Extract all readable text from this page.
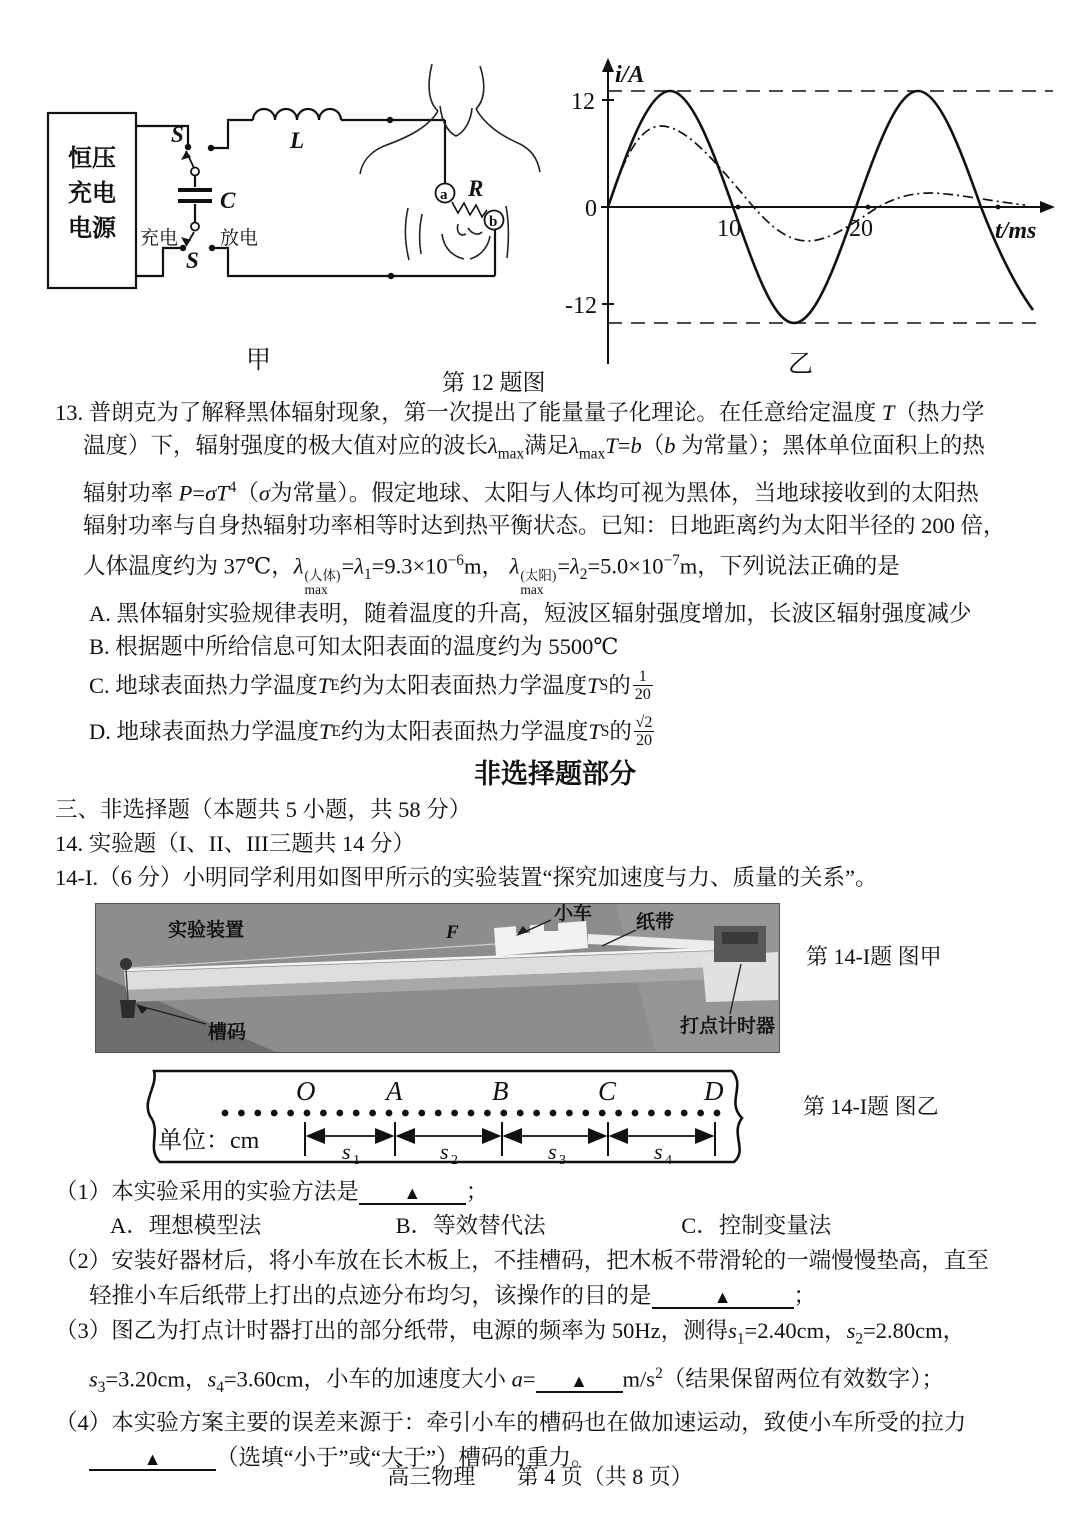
S
S
C
L
R
a
b
充电 放电
恒压
充电
电源
i/A
t/ms
12
0
-12
10	20
甲
第 12 题图
乙
13. 普朗克为了解释黑体辐射现象，第一次提出了能量量子化理论。在任意给定温度 T（热力学
温度）下，辐射强度的极大值对应的波长$\lambda_{max}$满足$\lambda_{max}T=b(b$ 为常量）；黑体单位面积上的热
辐射功率 $P=\sigma T^4(\sigma$为常量）。假定地球、太阳与人体均可视为黑体，当地球接收到的太阳热
辐射功率与自身热辐射功率相等时达到热平衡状态。已知：日地距离约为太阳半径的 200 倍，
人体温度约为 37℃，λ (人体)
max
$=\lambda_1=9.3\times 10^{-6}m$， λ (太阳)
max
$=\lambda_2=5.0\times 10^{-7}m$，下列说法正确的是
A. 黑体辐射实验规律表明，随着温度的升高，短波区辐射强度增加，长波区辐射强度减少
B. 根据题中所给信息可知太阳表面的温度约为 5500℃
C. 地球表面热力学温度 T E 约为太阳表面热力学温度 T S 的 $\frac{1}{20}$
D. 地球表面热力学温度 T E 约为太阳表面热力学温度 T S 的 $\frac{√2}{20}$
非选择题部分
三、非选择题（本题共 5 小题，共 58 分）
14. 实验题（I、II、III三题共 14 分）
14-I.（6 分）小明同学利用如图甲所示的实验装置“探究加速度与力、质量的关系”。
实验装置	F
小车 纸带
打点计时器
槽码
O	A	B	C	D
s	s	s	s
1	2	3	4
单位：cm
（1）本实验采用的实验方法是 ▲ ；
A．理想模型法	B．等效替代法	C．控制变量法
（2）安装好器材后，将小车放在长木板上，不挂槽码，把木板不带滑轮的一端慢慢垫高，直至
轻推小车后纸带上打出的点迹分布均匀，该操作的目的是	▲	；
（3）图乙为打点计时器打出的部分纸带，电源的频率为 50Hz，测得$s_1=2.40cm$，$s_2=2.80cm$，
$s_3=3.20cm$，$s_4=3.60cm$，小车的加速度大小 a= ▲ $m/s^2$（结果保留两位有效数字）；
（4）本实验方案主要的误差来源于：牵引小车的槽码也在做加速运动，致使小车所受的拉力
▲ （选填“小于”或“大于”）槽码的重力。
第 14-I题 图甲
第 14-I题 图乙
高三物理 第 4 页（共 8 页）
